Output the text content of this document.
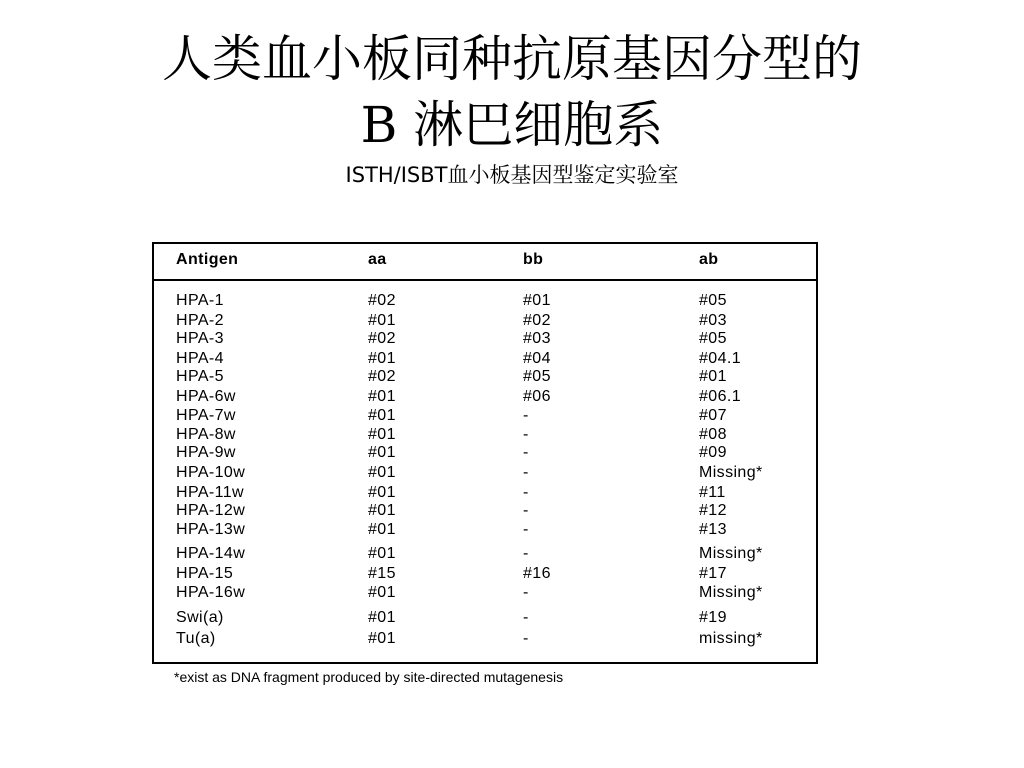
人类血小板同种抗原基因分型的
B 淋巴细胞系
ISTH/ISBT血小板基因型鉴定实验室
Antigen	aa	bb	ab
HPA-1	#02	#01	#05
HPA-2	#01	#02	#03
HPA-3	#02	#03	#05
HPA-4	#01	#04	#04.1
HPA-5	#02	#05	#01
HPA-6w	#01	#06	#06.1
HPA-7w	#01	-	#07
HPA-8w	#01	-	#08
HPA-9w	#01	-	#09
HPA-10w	#01	-	Missing*
HPA-11w	#01	-	#11
HPA-12w	#01	-	#12
HPA-13w	#01	-	#13
HPA-14w	#01	-	Missing*
HPA-15	#15	#16	#17
HPA-16w	#01	-	Missing*
Swi(a)	#01	-	#19
Tu(a)	#01	-	missing*
*exist as DNA fragment produced by site-directed mutagenesis
